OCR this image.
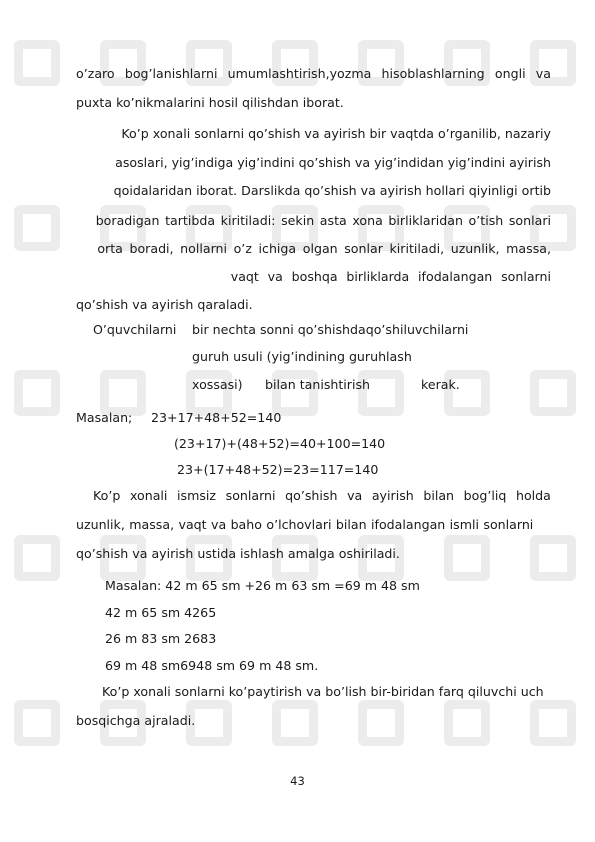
o’zaro bog’lanishlarni umumlashtirish,yozma hisoblashlarning ongli va
puxta ko’nikmalarini hosil qilishdan iborat.
Ko’p xonali sonlarni qo’shish va ayirish bir vaqtda o’rganilib, nazariy
asoslari, yig’indiga yig’indini qo’shish va yig’indidan yig’indini ayirish
qoidalaridan iborat. Darslikda qo’shish va ayirish hollari qiyinligi ortib
boradigan tartibda kiritiladi: sekin asta xona birliklaridan o’tish sonlari
orta boradi, nollarni o’z ichiga olgan sonlar kiritiladi, uzunlik, massa,
vaqt va boshqa birliklarda ifodalangan sonlarni
qo’shish va ayirish qaraladi.
O’quvchilarni bir nechta sonni qo’shishdaqo’shiluvchilarni
guruh usuli (yig’indining guruhlash
xossasi) bilan tanishtirish	kerak.
Masalan; 23+17+48+52=140
(23+17)+(48+52)=40+100=140
23+(17+48+52)=23=117=140
Ko’p xonali ismsiz sonlarni qo’shish va ayirish bilan bog’liq holda
uzunlik, massa, vaqt va baho o’lchovlari bilan ifodalangan ismli sonlarni
qo’shish va ayirish ustida ishlash amalga oshiriladi.
Masalan: 42 m 65 sm +26 m 63 sm =69 m 48 sm
42 m 65 sm 4265
26 m 83 sm 2683
69 m 48 sm6948 sm 69 m 48 sm.
Ko’p xonali sonlarni ko’paytirish va bo’lish bir-biridan farq qiluvchi uch
bosqichga ajraladi.
43
